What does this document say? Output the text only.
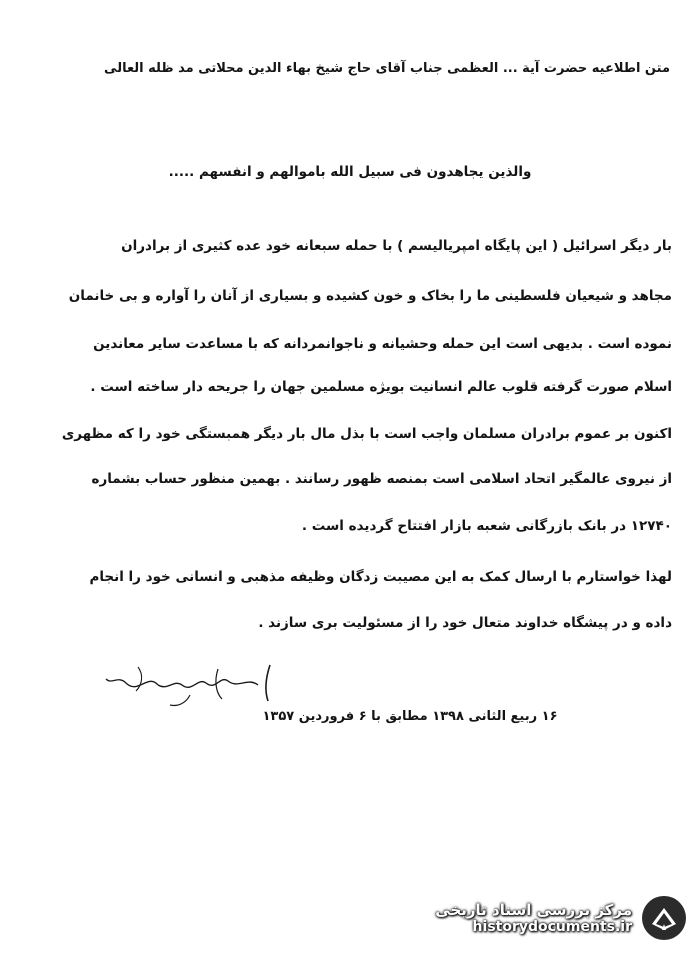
متن اطلاعیه حضرت آیة ... العظمی جناب آقای حاج شیخ بهاء الدین محلاتی مد ظله العالی
والذین یجاهدون فی سبیل الله باموالهم و انفسهم .....
بار دیگر اسرائیل ( این پایگاه امپریالیسم ) با حمله سبعانه خود عده کثیری از برادران
مجاهد و شیعیان فلسطینی ما را بخاک و خون کشیده و بسیاری از آنان را آواره و بی خانمان
نموده است . بدیهی است این حمله وحشیانه و ناجوانمردانه که با مساعدت سایر معاندین
اسلام صورت گرفته قلوب عالم انسانیت بویژه مسلمین جهان را جریحه دار ساخته است .
اکنون بر عموم برادران مسلمان واجب است با بذل مال بار دیگر همبستگی خود را که مظهری
از نیروی عالمگیر اتحاد اسلامی است بمنصه ظهور رسانند . بهمین منظور حساب بشماره
۱۲۷۴۰ در بانک بازرگانی شعبه بازار افتتاح گردیده است .
لهذا خواستارم با ارسال کمک به این مصیبت زدگان وظیفه مذهبی و انسانی خود را انجام
داده و در پیشگاه خداوند متعال خود را از مسئولیت بری سازند .
۱۶ ربیع الثانی ۱۳۹۸ مطابق با ۶ فروردین ۱۳۵۷
مرکز بررسی اسناد تاریخی
historydocuments.ir
